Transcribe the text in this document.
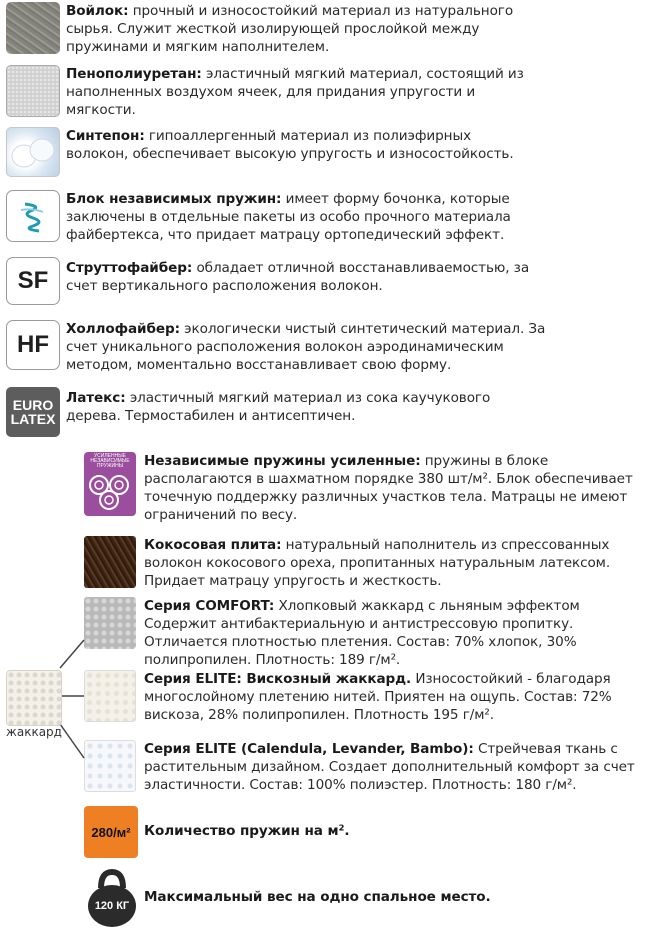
Войлок: прочный и износостойкий материал из натурального сырья. Служит жесткой изолирующей прослойкой между пружинами и мягким наполнителем.
Пенополиуретан: эластичный мягкий материал, состоящий из наполненных воздухом ячеек, для придания упругости и мягкости.
Синтепон: гипоаллергенный материал из полиэфирных волокон, обеспечивает высокую упругость и износостойкость.
Блок независимых пружин: имеет форму бочонка, которые заключены в отдельные пакеты из особо прочного материала файбертекса, что придает матрацу ортопедический эффект.
SF	Струттофайбер: обладает отличной восстанавливаемостью, за счет вертикального расположения волокон.
HF
Холлофайбер: экологически чистый синтетический материал. За счет уникального расположения волокон аэродинамическим методом, моментально восстанавливает свою форму.
EURO
LATEX
Латекс: эластичный мягкий материал из сока каучукового дерева. Термостабилен и антисептичен.
УСИЛЕННЫЕ НЕЗАВИСИМЫЕ ПРУЖИНЫ	Независимые пружины усиленные: пружины в блоке располагаются в шахматном порядке 380 шт/м². Блок обеспечивает точечную поддержку различных участков тела. Матрацы не имеют ограничений по весу.
Кокосовая плита: натуральный наполнитель из спрессованных волокон кокосового ореха, пропитанных натуральным латексом. Придает матрацу упругость и жесткость.
Серия COMFORT: Хлопковый жаккард с льняным эффектом Содержит антибактериальную и антистрессовую пропитку. Отличается плотностью плетения. Состав: 70% хлопок, 30% полипропилен. Плотность: 189 г/м².
Серия ELITE: Вискозный жаккард. Износостойкий - благодаря многослойному плетению нитей. Приятен на ощупь. Состав: 72% вискоза, 28% полипропилен. Плотность 195 г/м².
Серия ELITE (Calendula, Levander, Bambo): Стрейчевая ткань с растительным дизайном. Создает дополнительный комфорт за счет эластичности. Состав: 100% полиэстер. Плотность: 180 г/м².
280/м² Количество пружин на м².
120 КГ
Максимальный вес на одно спальное место.
жаккард
